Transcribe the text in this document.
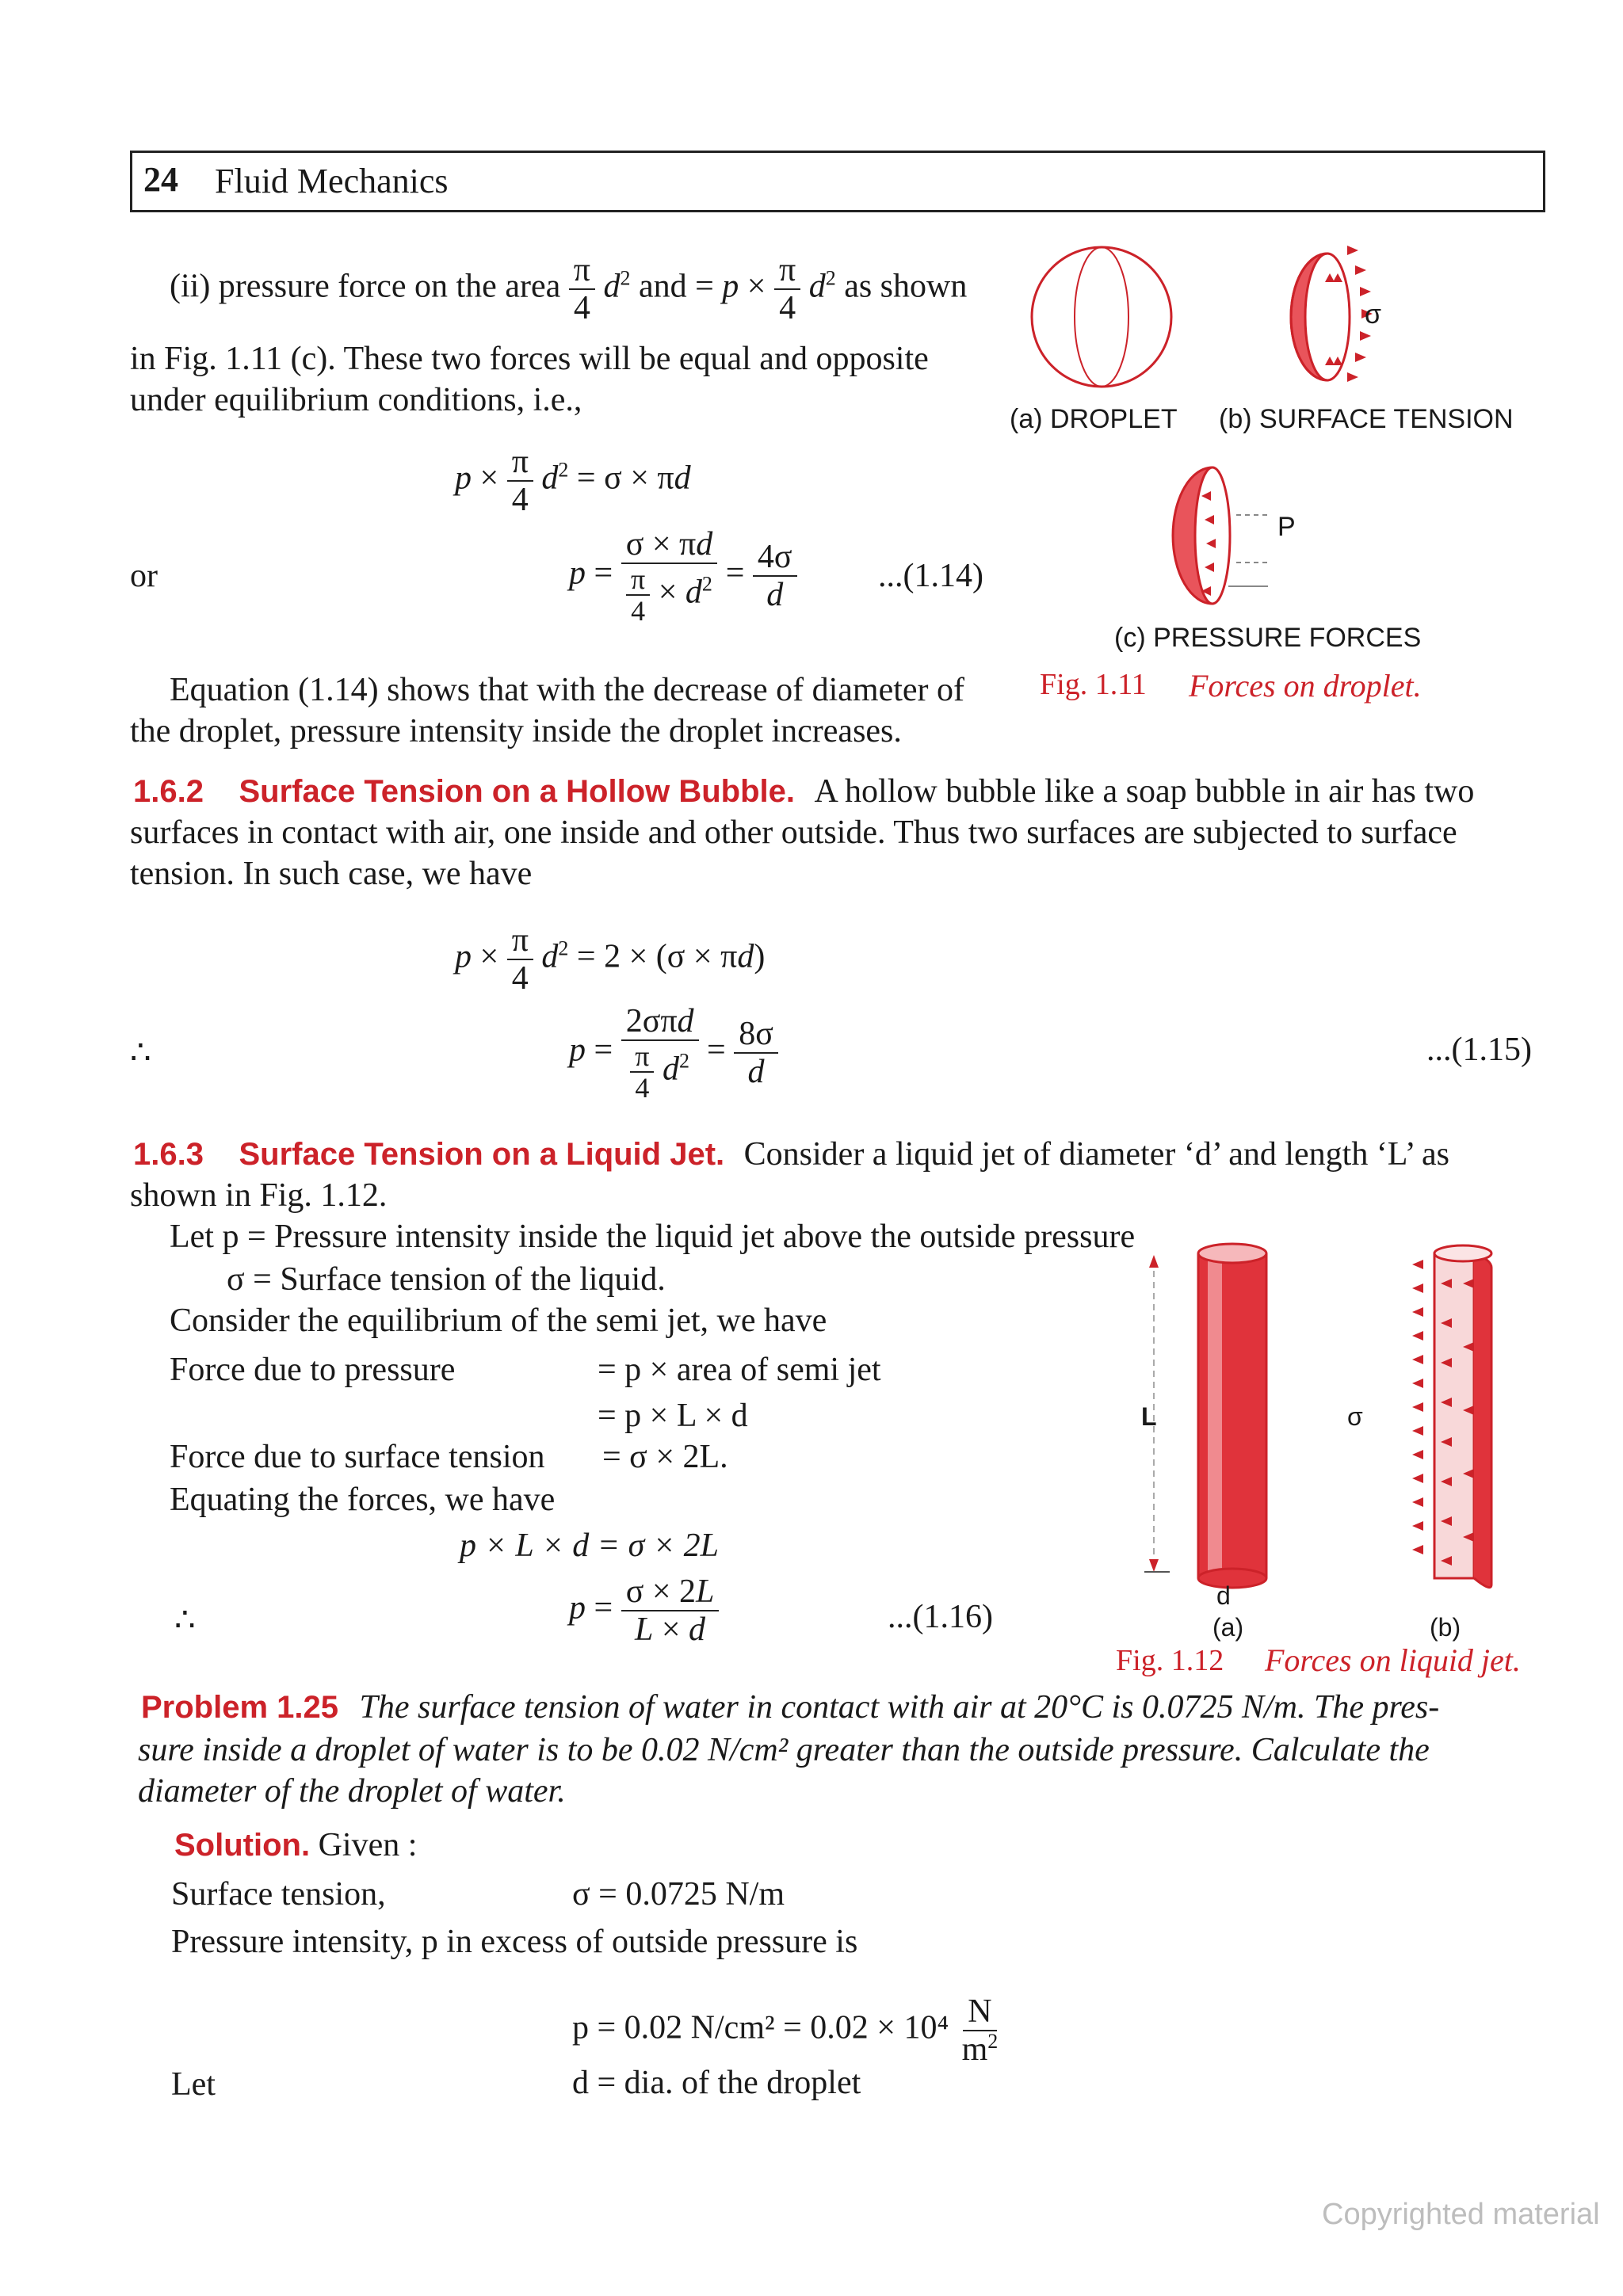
24 Fluid Mechanics
(ii) pressure force on the area $\frac{\pi}{4} d^2$ and = $p \times \frac{\pi}{4} d^2$ as shown
in Fig. 1.11 (c). These two forces will be equal and opposite
under equilibrium conditions, i.e.,
$p \times \frac{\pi}{4} d^2 = \sigma \times \pi d$
or	$p = \frac{\sigma \times \pi d}{\frac{\pi}{4} \times d^2} = \frac{4\sigma}{d} ...(1.14)$
Equation (1.14) shows that with the decrease of diameter of
the droplet, pressure intensity inside the droplet increases.
σ
P
(a) DROPLET (b) SURFACE TENSION
(c) PRESSURE FORCES
Fig. 1.11 Forces on droplet.
1.6.2 Surface Tension on a Hollow Bubble. A hollow bubble like a soap bubble in air has two
surfaces in contact with air, one inside and other outside. Thus two surfaces are subjected to surface
tension. In such case, we have
$p \times \frac{\pi}{4} d^2 = 2 \times (\sigma \times \pi d)$
∴	$p = \frac{\text{2σπd}}{\frac{\pi}{4} d^2} = \frac{8\sigma}{d}$	...(1.15)
1.6.3 Surface Tension on a Liquid Jet. Consider a liquid jet of diameter ‘d’ and length ‘L’ as
shown in Fig. 1.12.
Let p = Pressure intensity inside the liquid jet above the outside pressure
σ = Surface tension of the liquid.
Consider the equilibrium of the semi jet, we have
Force due to pressure	= p × area of semi jet
= p × L × d
Force due to surface tension = σ × 2L.
Equating the forces, we have
p × L × d = σ × 2L
∴	$p = \frac{\sigma \times 2L}{L \times d}$	...(1.16)
L	σ
d
(a)	(b)
Fig. 1.12 Forces on liquid jet.
Problem 1.25 The surface tension of water in contact with air at 20°C is 0.0725 N/m. The pres-
sure inside a droplet of water is to be 0.02 N/cm² greater than the outside pressure. Calculate the
diameter of the droplet of water.
Solution. Given :
Surface tension,	σ = 0.0725 N/m
Pressure intensity, p in excess of outside pressure is
p = 0.02 $N/cm^2 = 0.02 \times 10^4 \frac{N}{m^2}$
Let	d = dia. of the droplet
Copyrighted material
